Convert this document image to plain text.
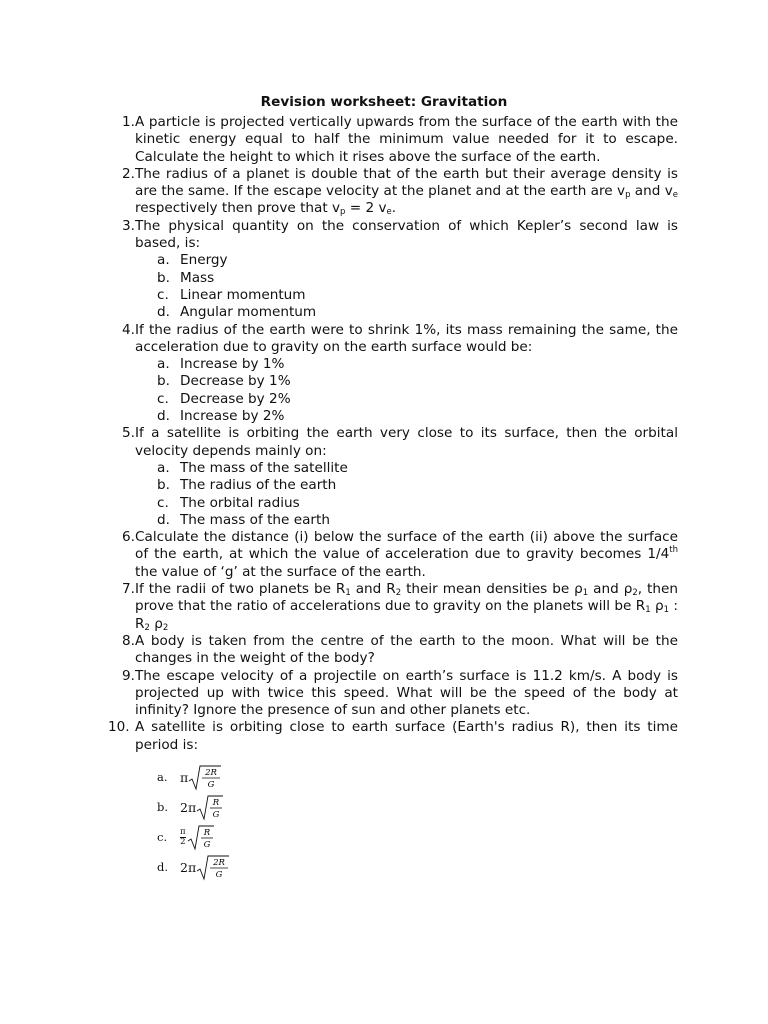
Revision worksheet: Gravitation
1. A particle is projected vertically upwards from the surface of the earth with the kinetic energy equal to half the minimum value needed for it to escape. Calculate the height to which it rises above the surface of the earth.
2. The radius of a planet is double that of the earth but their average density is are the same. If the escape velocity at the planet and at the earth are $v_p$ and $v_e$ respectively then prove that $v_p = 2$ $v_e$.
3. The physical quantity on the conservation of which Kepler’s second law is based, is:
a. Energy
b. Mass
c. Linear momentum
d. Angular momentum
4. If the radius of the earth were to shrink 1%, its mass remaining the same, the acceleration due to gravity on the earth surface would be:
a. Increase by 1%
b. Decrease by 1%
c. Decrease by 2%
d. Increase by 2%
5. If a satellite is orbiting the earth very close to its surface, then the orbital velocity depends mainly on:
a. The mass of the satellite
b. The radius of the earth
c. The orbital radius
d. The mass of the earth
6. Calculate the distance (i) below the surface of the earth (ii) above the surface of the earth, at which the value of acceleration due to gravity becomes 1/4th the value of ‘g’ at the surface of the earth.
7. If the radii of two planets be $R_1$ and $R_2$ their mean densities be $\rho_1$ and $\rho_2$, then prove that the ratio of accelerations due to gravity on the planets will be $R_1$ $\rho_1$ : $R_2$ $\rho_2$
8. A body is taken from the centre of the earth to the moon. What will be the changes in the weight of the body?
9. The escape velocity of a projectile on earth’s surface is 11.2 km/s. A body is projected up with twice this speed. What will be the speed of the body at infinity? Ignore the presence of sun and other planets etc.
10. A satellite is orbiting close to earth surface (Earth's radius R), then its time period is:
a. π 2R
G
b. 2π R
G
c.	$\frac{\pi}{2}$ R
G
d. 2π 2R
G
